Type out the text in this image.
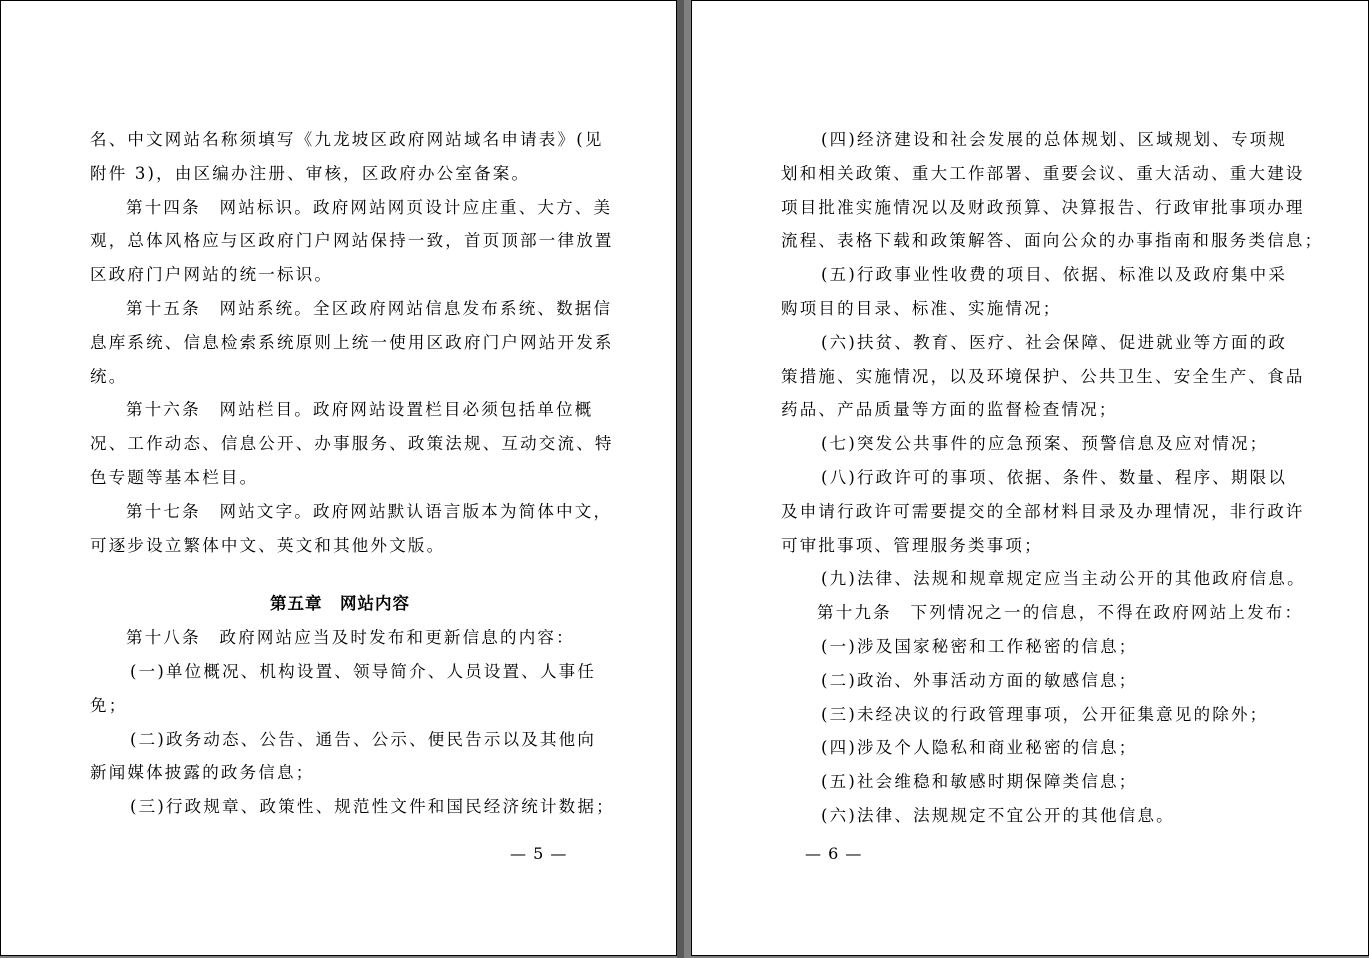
名、中文网站名称须填写《九龙坡区政府网站域名申请表》(见
附件 3)，由区编办注册、审核，区政府办公室备案。
第十四条　网站标识。政府网站网页设计应庄重、大方、美
观，总体风格应与区政府门户网站保持一致，首页顶部一律放置
区政府门户网站的统一标识。
第十五条　网站系统。全区政府网站信息发布系统、数据信
息库系统、信息检索系统原则上统一使用区政府门户网站开发系
统。
第十六条　网站栏目。政府网站设置栏目必须包括单位概
况、工作动态、信息公开、办事服务、政策法规、互动交流、特
色专题等基本栏目。
第十七条　网站文字。政府网站默认语言版本为简体中文，
可逐步设立繁体中文、英文和其他外文版。
第五章　网站内容
第十八条　政府网站应当及时发布和更新信息的内容：
(一)单位概况、机构设置、领导简介、人员设置、人事任
免；
(二)政务动态、公告、通告、公示、便民告示以及其他向
新闻媒体披露的政务信息；
(三)行政规章、政策性、规范性文件和国民经济统计数据；
— 5 —
(四)经济建设和社会发展的总体规划、区域规划、专项规
划和相关政策、重大工作部署、重要会议、重大活动、重大建设
项目批准实施情况以及财政预算、决算报告、行政审批事项办理
流程、表格下载和政策解答、面向公众的办事指南和服务类信息；
(五)行政事业性收费的项目、依据、标准以及政府集中采
购项目的目录、标准、实施情况；
(六)扶贫、教育、医疗、社会保障、促进就业等方面的政
策措施、实施情况，以及环境保护、公共卫生、安全生产、食品
药品、产品质量等方面的监督检查情况；
(七)突发公共事件的应急预案、预警信息及应对情况；
(八)行政许可的事项、依据、条件、数量、程序、期限以
及申请行政许可需要提交的全部材料目录及办理情况，非行政许
可审批事项、管理服务类事项；
(九)法律、法规和规章规定应当主动公开的其他政府信息。
第十九条　下列情况之一的信息，不得在政府网站上发布：
(一)涉及国家秘密和工作秘密的信息；
(二)政治、外事活动方面的敏感信息；
(三)未经决议的行政管理事项，公开征集意见的除外；
(四)涉及个人隐私和商业秘密的信息；
(五)社会维稳和敏感时期保障类信息；
(六)法律、法规规定不宜公开的其他信息。
— 6 —
